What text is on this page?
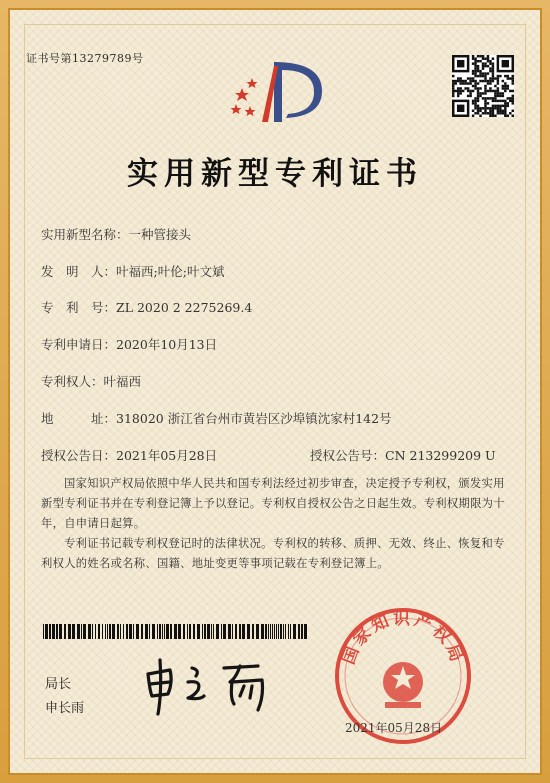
证书号第13279789号
实用新型专利证书
实用新型名称：一种管接头
发　明　人：叶福西;叶伦;叶文斌
专　利　号：ZL 2020 2 2275269.4
专利申请日：2020年10月13日
专利权人：叶福西
地　　　址：318020 浙江省台州市黄岩区沙埠镇沈家村142号
授权公告日：2021年05月28日	授权公告号：CN 213299209 U
国家知识产权局依照中华人民共和国专利法经过初步审查，决定授予专利权，颁发实用新型专利证书并在专利登记簿上予以登记。专利权自授权公告之日起生效。专利权期限为十年，自申请日起算。
专利证书记载专利权登记时的法律状况。专利权的转移、质押、无效、终止、恢复和专利权人的姓名或名称、国籍、地址变更等事项记载在专利登记簿上。
局长
申长雨
国家知识产权局
2021年05月28日
